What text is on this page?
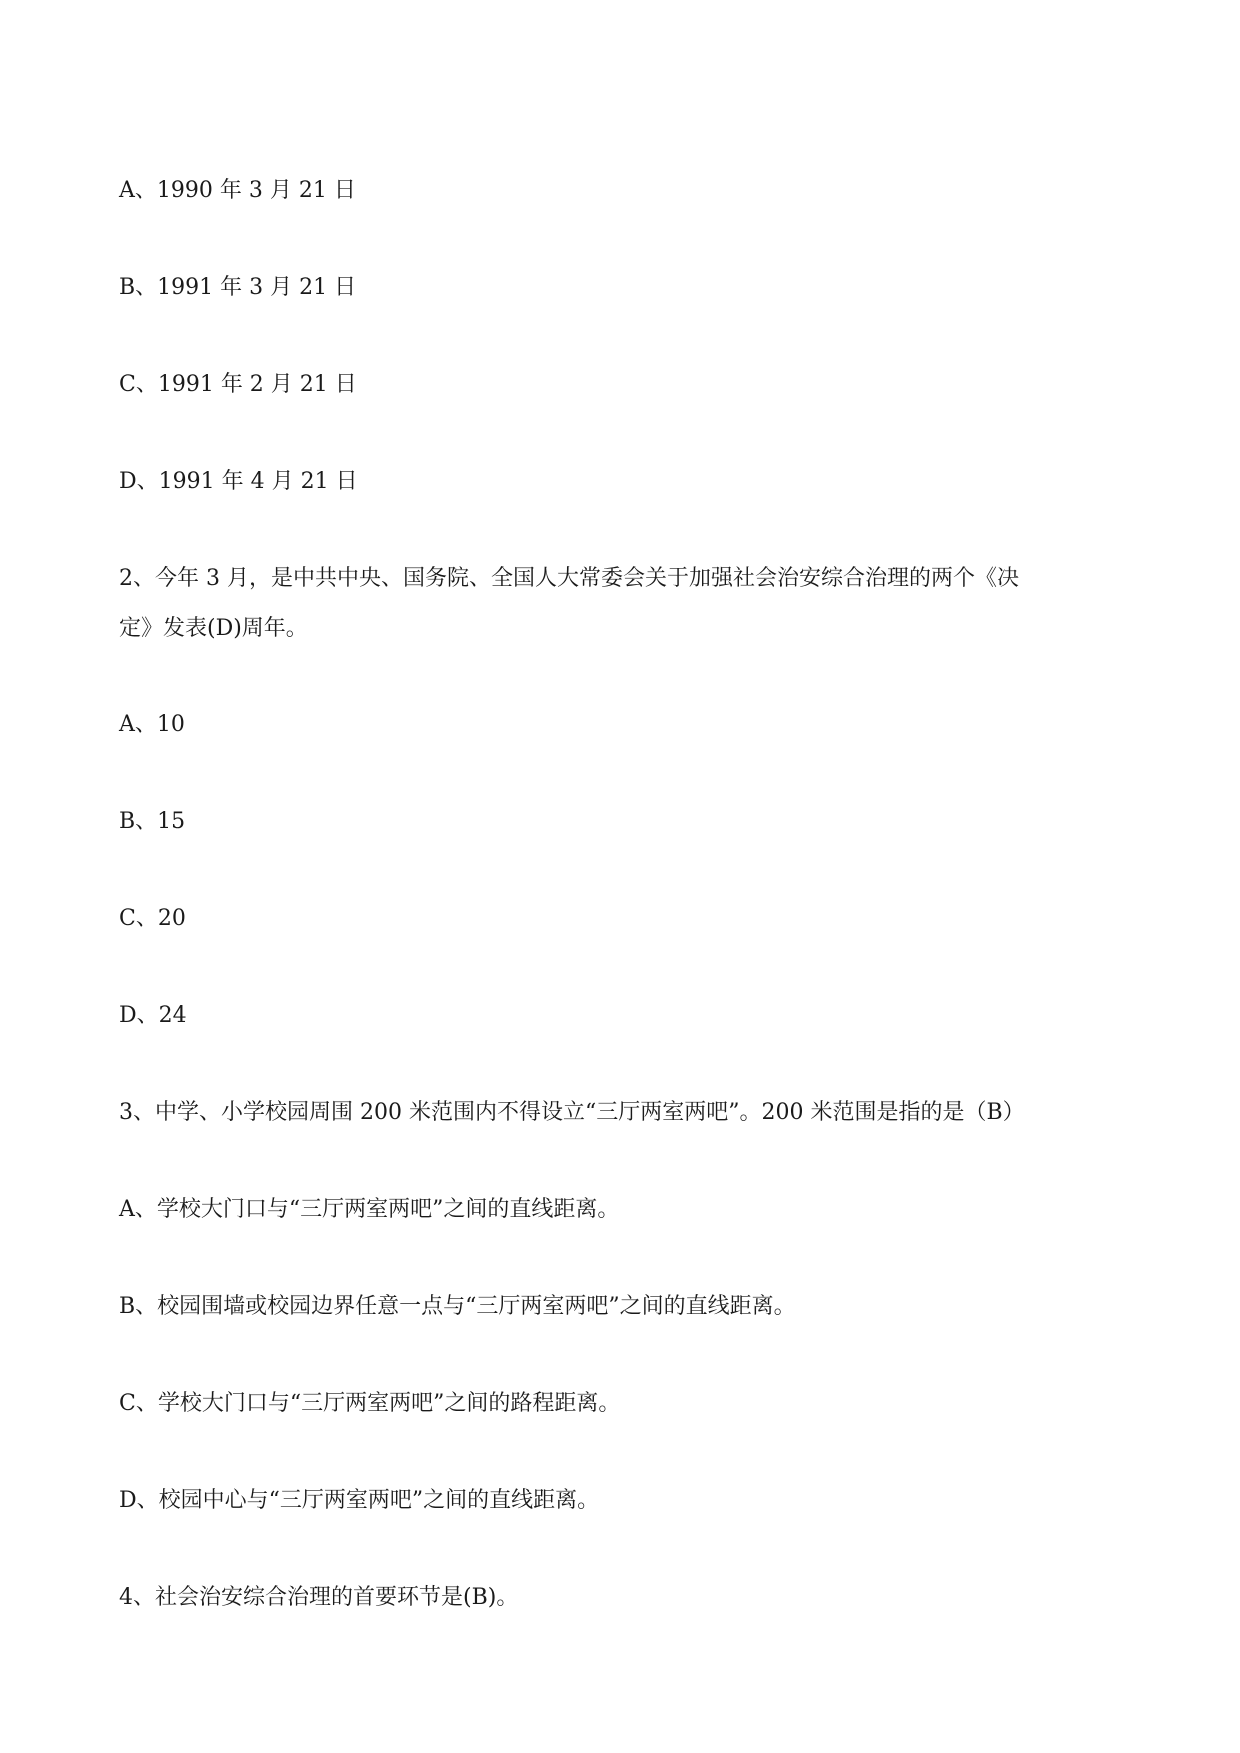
A、1990 年 3 月 21 日
B、1991 年 3 月 21 日
C、1991 年 2 月 21 日
D、1991 年 4 月 21 日
2、今年 3 月，是中共中央、国务院、全国人大常委会关于加强社会治安综合治理的两个《决
定》发表(D)周年。
A、10
B、15
C、20
D、24
3、中学、小学校园周围 200 米范围内不得设立“三厅两室两吧”。200 米范围是指的是（B）
A、学校大门口与“三厅两室两吧”之间的直线距离。
B、校园围墙或校园边界任意一点与“三厅两室两吧”之间的直线距离。
C、学校大门口与“三厅两室两吧”之间的路程距离。
D、校园中心与“三厅两室两吧”之间的直线距离。
4、社会治安综合治理的首要环节是(B)。
